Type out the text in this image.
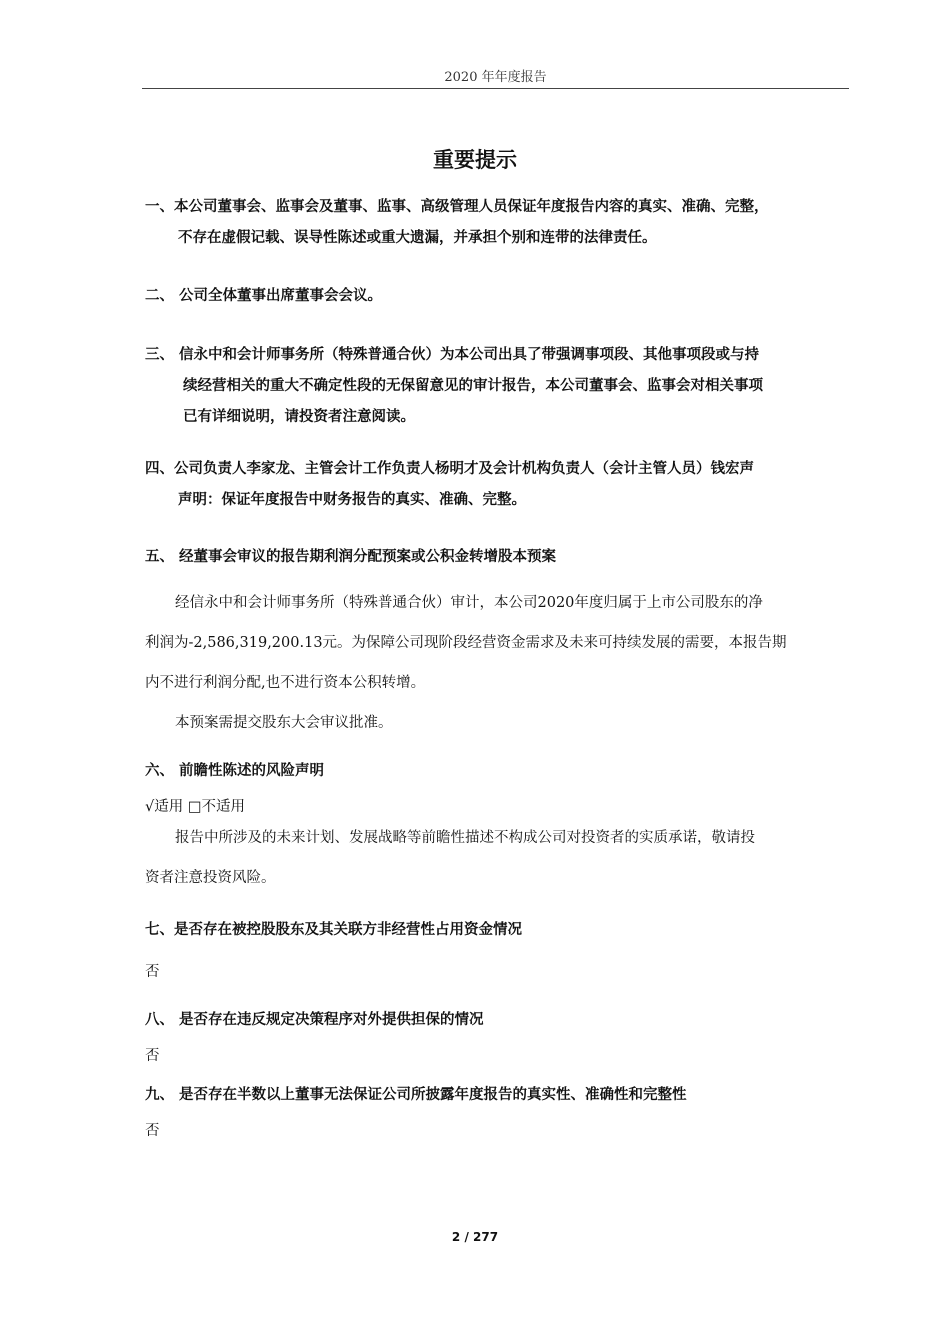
2020 年年度报告
重要提示
一、本公司董事会、监事会及董事、监事、高级管理人员保证年度报告内容的真实、准确、完整，
不存在虚假记载、误导性陈述或重大遗漏，并承担个别和连带的法律责任。
二、 公司全体董事出席董事会会议。
三、 信永中和会计师事务所（特殊普通合伙）为本公司出具了带强调事项段、其他事项段或与持
续经营相关的重大不确定性段的无保留意见的审计报告，本公司董事会、监事会对相关事项
已有详细说明，请投资者注意阅读。
四、公司负责人李家龙、主管会计工作负责人杨明才及会计机构负责人（会计主管人员）钱宏声
声明：保证年度报告中财务报告的真实、准确、完整。
五、 经董事会审议的报告期利润分配预案或公积金转增股本预案
经信永中和会计师事务所（特殊普通合伙）审计，本公司2020年度归属于上市公司股东的净
利润为-2,586,319,200.13元。为保障公司现阶段经营资金需求及未来可持续发展的需要，本报告期
内不进行利润分配,也不进行资本公积转增。
本预案需提交股东大会审议批准。
六、 前瞻性陈述的风险声明
√适用 □不适用
报告中所涉及的未来计划、发展战略等前瞻性描述不构成公司对投资者的实质承诺，敬请投
资者注意投资风险。
七、是否存在被控股股东及其关联方非经营性占用资金情况
否
八、 是否存在违反规定决策程序对外提供担保的情况
否
九、 是否存在半数以上董事无法保证公司所披露年度报告的真实性、准确性和完整性
否
2 / 277
